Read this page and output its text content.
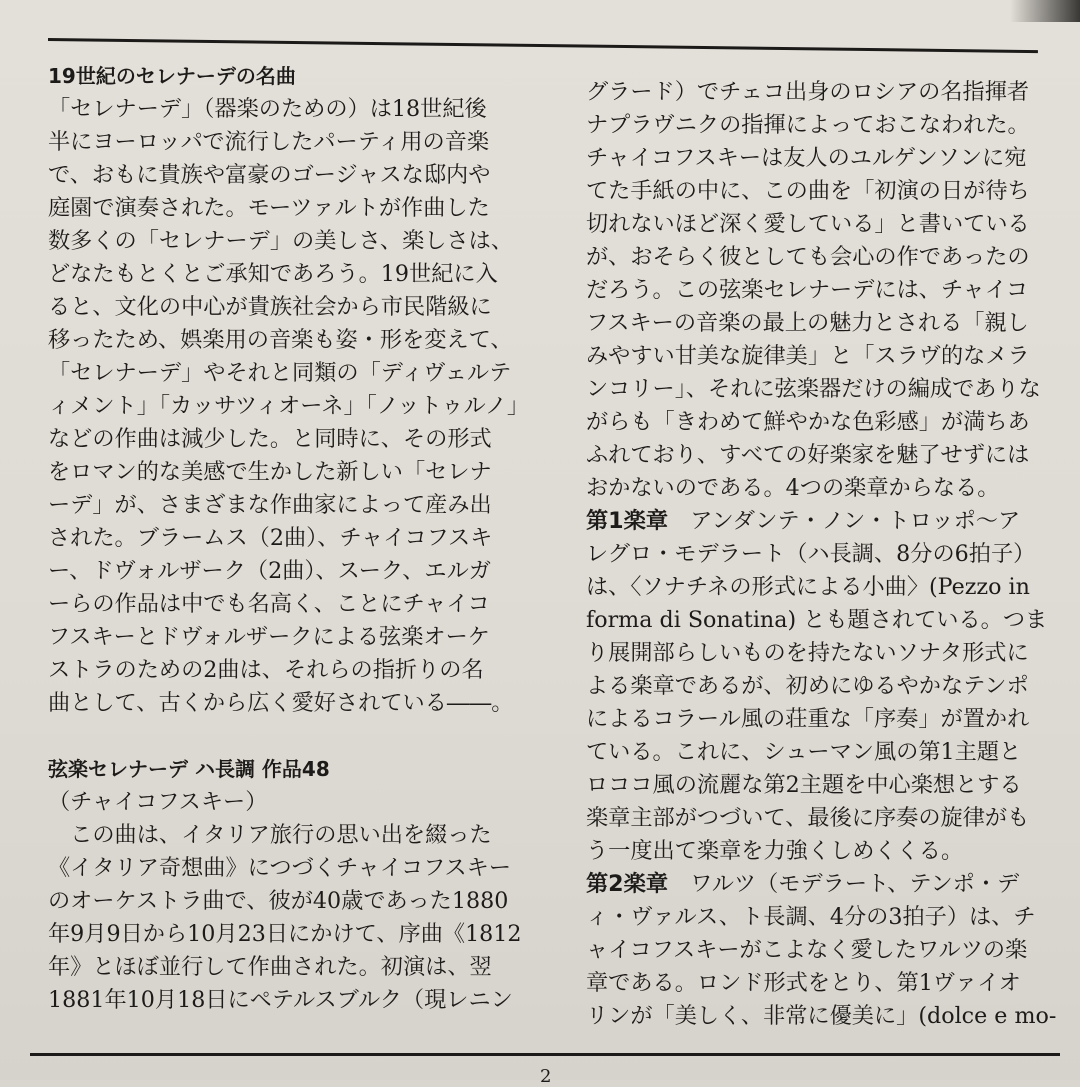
19世紀のセレナーデの名曲
「セレナーデ」（器楽のための）は18世紀後
半にヨーロッパで流行したパーティ用の音楽
で、おもに貴族や富豪のゴージャスな邸内や
庭園で演奏された。モーツァルトが作曲した
数多くの「セレナーデ」の美しさ、楽しさは、
どなたもとくとご承知であろう。19世紀に入
ると、文化の中心が貴族社会から市民階級に
移ったため、娯楽用の音楽も姿・形を変えて、
「セレナーデ」やそれと同類の「ディヴェルテ
ィメント」「カッサツィオーネ」「ノットゥルノ」
などの作曲は減少した。と同時に、その形式
をロマン的な美感で生かした新しい「セレナ
ーデ」が、さまざまな作曲家によって産み出
された。ブラームス（2曲）、チャイコフスキ
ー、ドヴォルザーク（2曲）、スーク、エルガ
ーらの作品は中でも名高く、ことにチャイコ
フスキーとドヴォルザークによる弦楽オーケ
ストラのための2曲は、それらの指折りの名
曲として、古くから広く愛好されている――。
弦楽セレナーデ ハ長調 作品48
（チャイコフスキー）
　この曲は、イタリア旅行の思い出を綴った
《イタリア奇想曲》につづくチャイコフスキー
のオーケストラ曲で、彼が40歳であった1880
年9月9日から10月23日にかけて、序曲《1812
年》とほぼ並行して作曲された。初演は、翌
1881年10月18日にペテルスブルク（現レニン
グラード）でチェコ出身のロシアの名指揮者
ナプラヴニクの指揮によっておこなわれた。
チャイコフスキーは友人のユルゲンソンに宛
てた手紙の中に、この曲を「初演の日が待ち
切れないほど深く愛している」と書いている
が、おそらく彼としても会心の作であったの
だろう。この弦楽セレナーデには、チャイコ
フスキーの音楽の最上の魅力とされる「親し
みやすい甘美な旋律美」と「スラヴ的なメラ
ンコリー」、それに弦楽器だけの編成でありな
がらも「きわめて鮮やかな色彩感」が満ちあ
ふれており、すべての好楽家を魅了せずには
おかないのである。4つの楽章からなる。
第1楽章　アンダンテ・ノン・トロッポ〜ア
レグロ・モデラート（ハ長調、8分の6拍子）
は、〈ソナチネの形式による小曲〉(Pezzo in
forma di Sonatina) とも題されている。つま
り展開部らしいものを持たないソナタ形式に
よる楽章であるが、初めにゆるやかなテンポ
によるコラール風の荘重な「序奏」が置かれ
ている。これに、シューマン風の第1主題と
ロココ風の流麗な第2主題を中心楽想とする
楽章主部がつづいて、最後に序奏の旋律がも
う一度出て楽章を力強くしめくくる。
第2楽章　ワルツ（モデラート、テンポ・デ
ィ・ヴァルス、ト長調、4分の3拍子）は、チ
ャイコフスキーがこよなく愛したワルツの楽
章である。ロンド形式をとり、第1ヴァイオ
リンが「美しく、非常に優美に」(dolce e mo-
2
